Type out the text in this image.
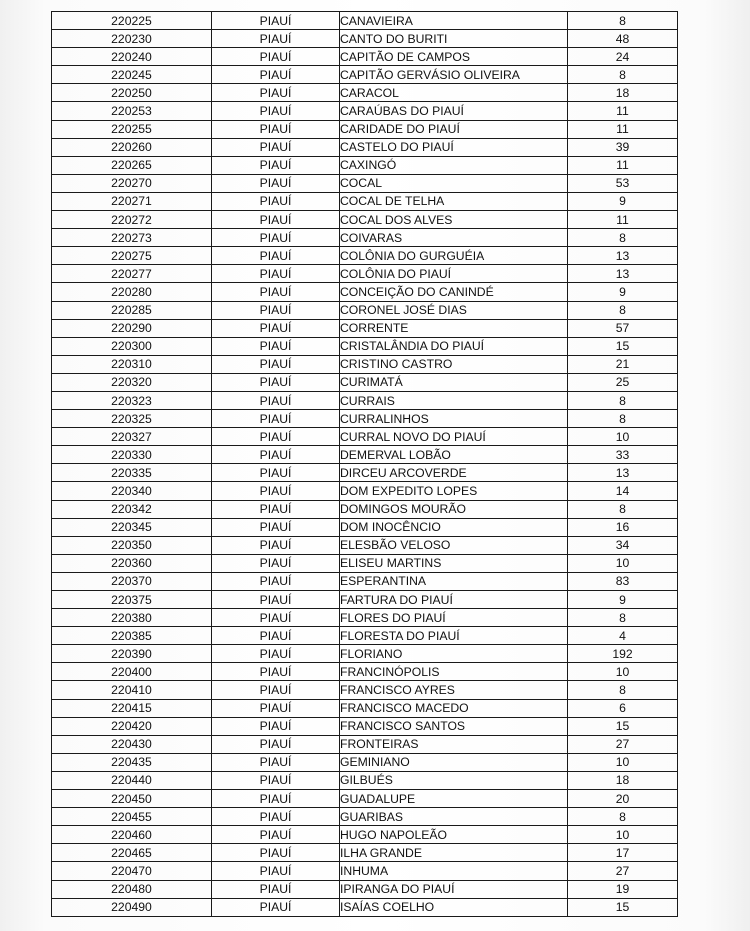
220225	PIAUÍ	CANAVIEIRA	8
220230	PIAUÍ	CANTO DO BURITI	48
220240	PIAUÍ	CAPITÃO DE CAMPOS	24
220245	PIAUÍ	CAPITÃO GERVÁSIO OLIVEIRA	8
220250	PIAUÍ	CARACOL	18
220253	PIAUÍ	CARAÚBAS DO PIAUÍ	11
220255	PIAUÍ	CARIDADE DO PIAUÍ	11
220260	PIAUÍ	CASTELO DO PIAUÍ	39
220265	PIAUÍ	CAXINGÓ	11
220270	PIAUÍ	COCAL	53
220271	PIAUÍ	COCAL DE TELHA	9
220272	PIAUÍ	COCAL DOS ALVES	11
220273	PIAUÍ	COIVARAS	8
220275	PIAUÍ	COLÔNIA DO GURGUÉIA	13
220277	PIAUÍ	COLÔNIA DO PIAUÍ	13
220280	PIAUÍ	CONCEIÇÃO DO CANINDÉ	9
220285	PIAUÍ	CORONEL JOSÉ DIAS	8
220290	PIAUÍ	CORRENTE	57
220300	PIAUÍ	CRISTALÂNDIA DO PIAUÍ	15
220310	PIAUÍ	CRISTINO CASTRO	21
220320	PIAUÍ	CURIMATÁ	25
220323	PIAUÍ	CURRAIS	8
220325	PIAUÍ	CURRALINHOS	8
220327	PIAUÍ	CURRAL NOVO DO PIAUÍ	10
220330	PIAUÍ	DEMERVAL LOBÃO	33
220335	PIAUÍ	DIRCEU ARCOVERDE	13
220340	PIAUÍ	DOM EXPEDITO LOPES	14
220342	PIAUÍ	DOMINGOS MOURÃO	8
220345	PIAUÍ	DOM INOCÊNCIO	16
220350	PIAUÍ	ELESBÃO VELOSO	34
220360	PIAUÍ	ELISEU MARTINS	10
220370	PIAUÍ	ESPERANTINA	83
220375	PIAUÍ	FARTURA DO PIAUÍ	9
220380	PIAUÍ	FLORES DO PIAUÍ	8
220385	PIAUÍ	FLORESTA DO PIAUÍ	4
220390	PIAUÍ	FLORIANO	192
220400	PIAUÍ	FRANCINÓPOLIS	10
220410	PIAUÍ	FRANCISCO AYRES	8
220415	PIAUÍ	FRANCISCO MACEDO	6
220420	PIAUÍ	FRANCISCO SANTOS	15
220430	PIAUÍ	FRONTEIRAS	27
220435	PIAUÍ	GEMINIANO	10
220440	PIAUÍ	GILBUÉS	18
220450	PIAUÍ	GUADALUPE	20
220455	PIAUÍ	GUARIBAS	8
220460	PIAUÍ	HUGO NAPOLEÃO	10
220465	PIAUÍ	ILHA GRANDE	17
220470	PIAUÍ	INHUMA	27
220480	PIAUÍ	IPIRANGA DO PIAUÍ	19
220490	PIAUÍ	ISAÍAS COELHO	15
